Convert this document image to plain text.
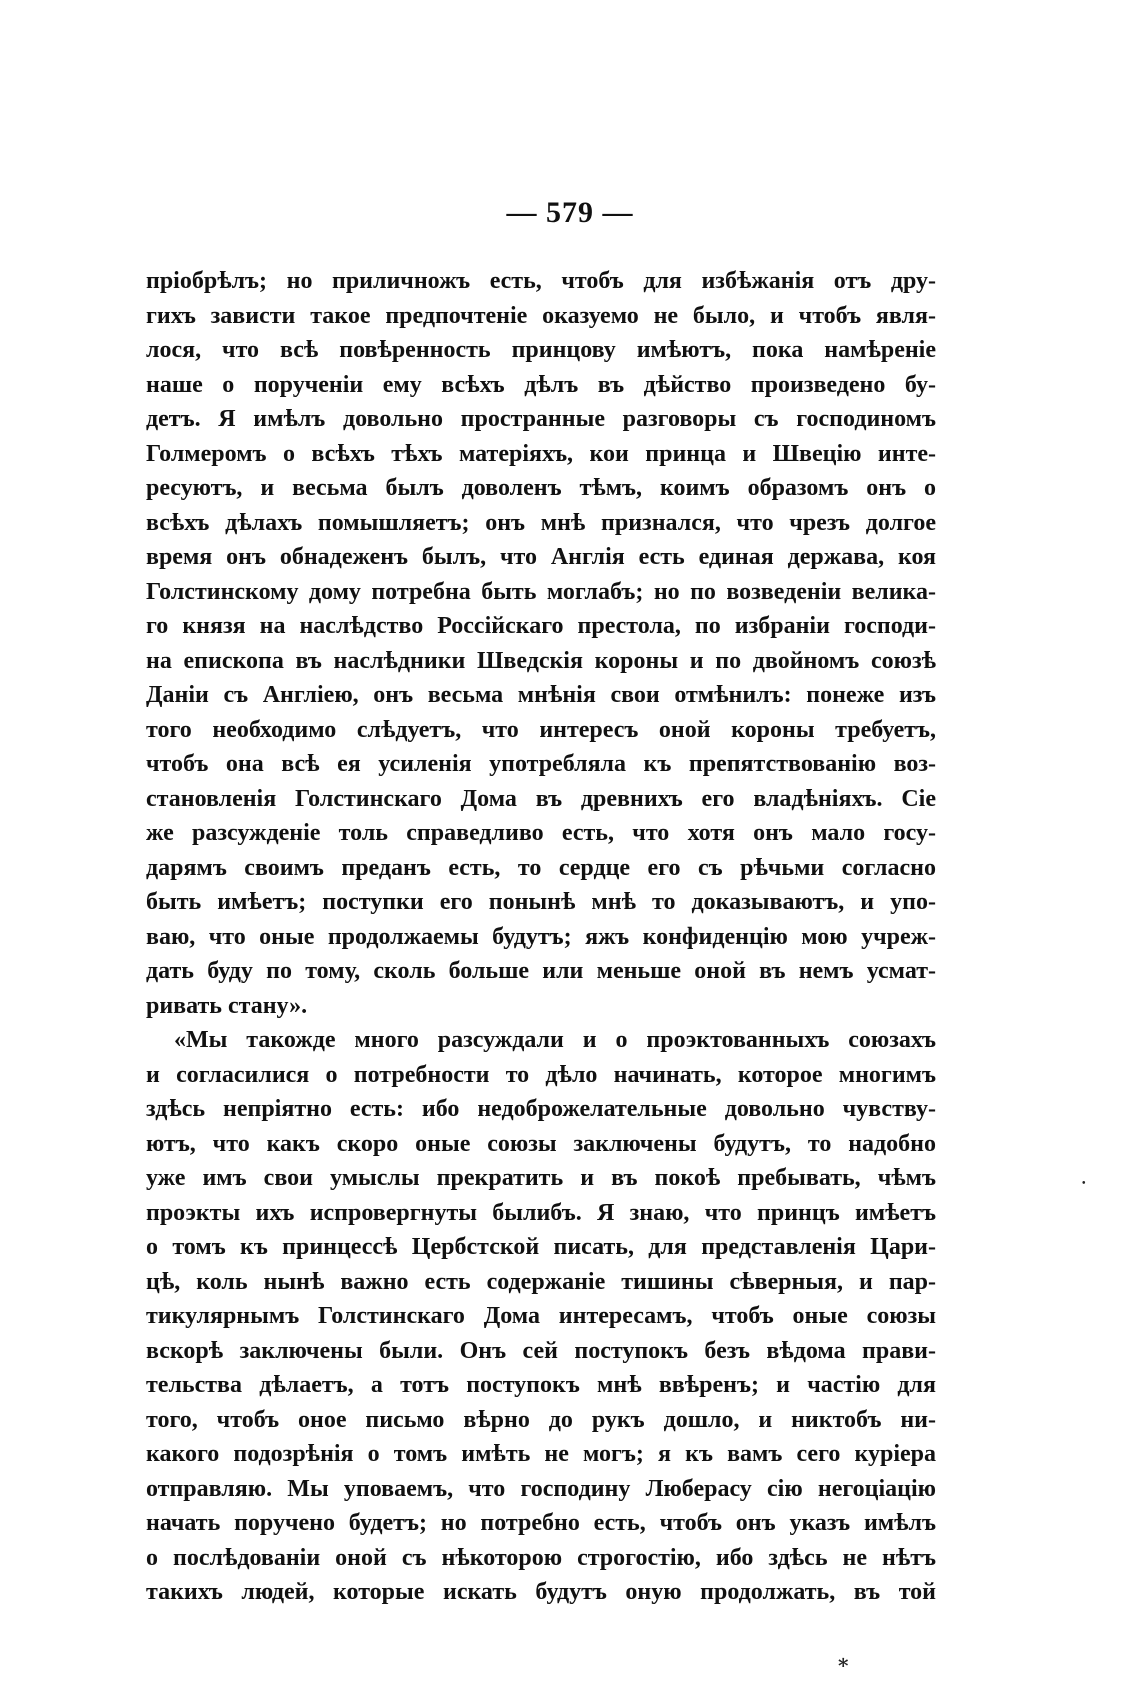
— 579 —
пріобрѣлъ; но приличножъ есть, чтобъ для избѣжанія отъ дру-
гихъ зависти такое предпочтеніе оказуемо не было, и чтобъ явля-
лося, что всѣ повѣренность принцову имѣютъ, пока намѣреніе
наше о порученіи ему всѣхъ дѣлъ въ дѣйство произведено бу-
детъ. Я имѣлъ довольно пространные разговоры съ господиномъ
Голмеромъ о всѣхъ тѣхъ матеріяхъ, кои принца и Швецію инте-
ресуютъ, и весьма былъ доволенъ тѣмъ, коимъ образомъ онъ о
всѣхъ дѣлахъ помышляетъ; онъ мнѣ признался, что чрезъ долгое
время онъ обнадеженъ былъ, что Англія есть единая держава, коя
Голстинскому дому потребна быть моглабъ; но по возведеніи велика-
го князя на наслѣдство Россійскаго престола, по избраніи господи-
на епископа въ наслѣдники Шведскія короны и по двойномъ союзѣ
Даніи съ Англіею, онъ весьма мнѣнія свои отмѣнилъ: понеже изъ
того необходимо слѣдуетъ, что интересъ оной короны требуетъ,
чтобъ она всѣ ея усиленія употребляла къ препятствованію воз-
становленія Голстинскаго Дома въ древнихъ его владѣніяхъ. Сіе
же разсужденіе толь справедливо есть, что хотя онъ мало госу-
дарямъ своимъ преданъ есть, то сердце его съ рѣчьми согласно
быть имѣетъ; поступки его понынѣ мнѣ то доказываютъ, и упо-
ваю, что оные продолжаемы будутъ; яжъ конфиденцію мою учреж-
дать буду по тому, сколь больше или меньше оной въ немъ усмат-
ривать стану».
«Мы такожде много разсуждали и о проэктованныхъ союзахъ
и согласилися о потребности то дѣло начинать, которое многимъ
здѣсь непріятно есть: ибо недоброжелательные довольно чувству-
ютъ, что какъ скоро оные союзы заключены будутъ, то надобно
уже имъ свои умыслы прекратить и въ покоѣ пребывать, чѣмъ
проэкты ихъ испровергнуты былибъ. Я знаю, что принцъ имѣетъ
о томъ къ принцессѣ Цербстской писать, для представленія Цари-
цѣ, коль нынѣ важно есть содержаніе тишины сѣверныя, и пар-
тикулярнымъ Голстинскаго Дома интересамъ, чтобъ оные союзы
вскорѣ заключены были. Онъ сей поступокъ безъ вѣдома прави-
тельства дѣлаетъ, а тотъ поступокъ мнѣ ввѣренъ; и частію для
того, чтобъ оное письмо вѣрно до рукъ дошло, и никтобъ ни-
какого подозрѣнія о томъ имѣть не могъ; я къ вамъ сего куріера
отправляю. Мы уповаемъ, что господину Люберасу сію негоціацію
начать поручено будетъ; но потребно есть, чтобъ онъ указъ имѣлъ
о послѣдованіи оной съ нѣкоторою строгостію, ибо здѣсь не нѣтъ
такихъ людей, которые искать будутъ оную продолжать, въ той
⁎
•
